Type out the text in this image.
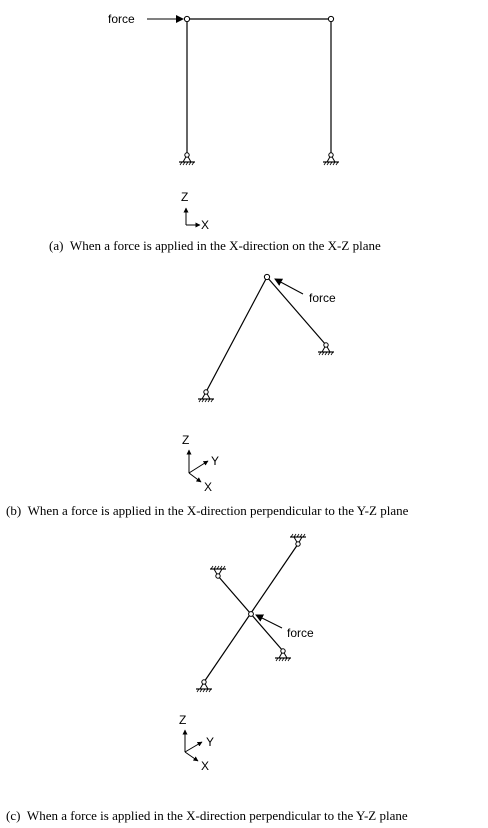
force
Z
X
(a)  When a force is applied in the X-direction on the X-Z plane
force
Z
Y
X
(b)  When a force is applied in the X-direction perpendicular to the Y-Z plane
force
Z
Y
X
(c)  When a force is applied in the X-direction perpendicular to the Y-Z plane
